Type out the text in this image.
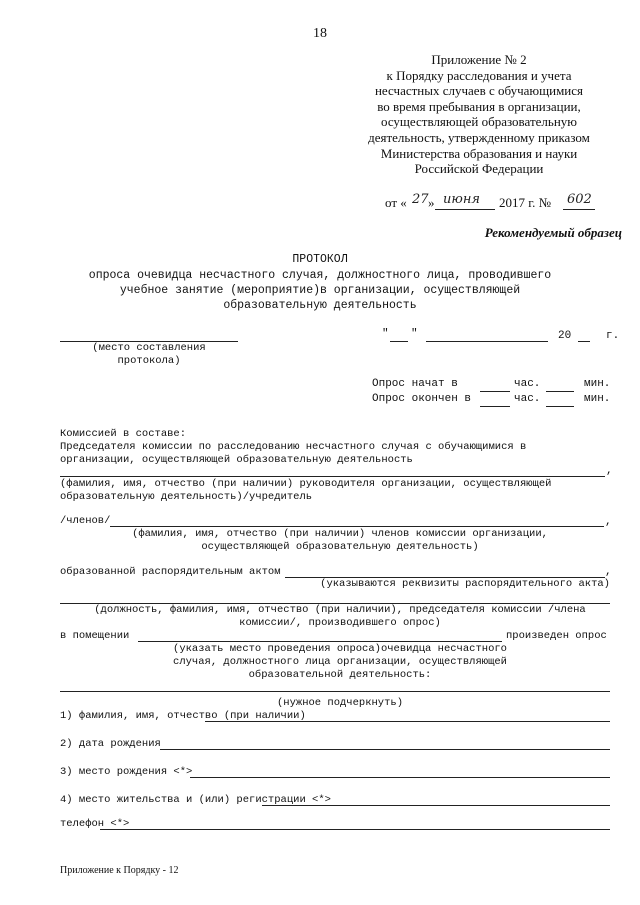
18
Приложение № 2
к Порядку расследования и учета
несчастных случаев с обучающимися
во время пребывания в организации,
осуществляющей образовательную
деятельность, утвержденному приказом
Министерства образования и науки
Российской Федерации
от « 27 » июня 2017 г. № 602
Рекомендуемый образец
ПРОТОКОЛ
опроса очевидца несчастного случая, должностного лица, проводившего
учебное занятие (мероприятие)в организации, осуществляющей
образовательную деятельность
(место составления
протокола)
" "	20	г.
Опрос начат в	час.	мин.
Опрос окончен в	час.	мин.
Комиссией в составе:
Председателя комиссии по расследованию несчастного случая с обучающимися в
организации, осуществляющей образовательную деятельность
,
(фамилия, имя, отчество (при наличии) руководителя организации, осуществляющей
образовательную деятельность)/учредитель
/членов/	,
(фамилия, имя, отчество (при наличии) членов комиссии организации,
осуществляющей образовательную деятельность)
образованной распорядительным актом	,
(указываются реквизиты распорядительного акта)
(должность, фамилия, имя, отчество (при наличии), председателя комиссии /члена
комиссии/, производившего опрос)
в помещении	произведен опрос
(указать место проведения опроса)очевидца несчастного
случая, должностного лица организации, осуществляющей
образовательной деятельность:
(нужное подчеркнуть)
1) фамилия, имя, отчество (при наличии)
2) дата рождения
3) место рождения <*>
4) место жительства и (или) регистрации <*>
телефон <*>
Приложение к Порядку - 12
